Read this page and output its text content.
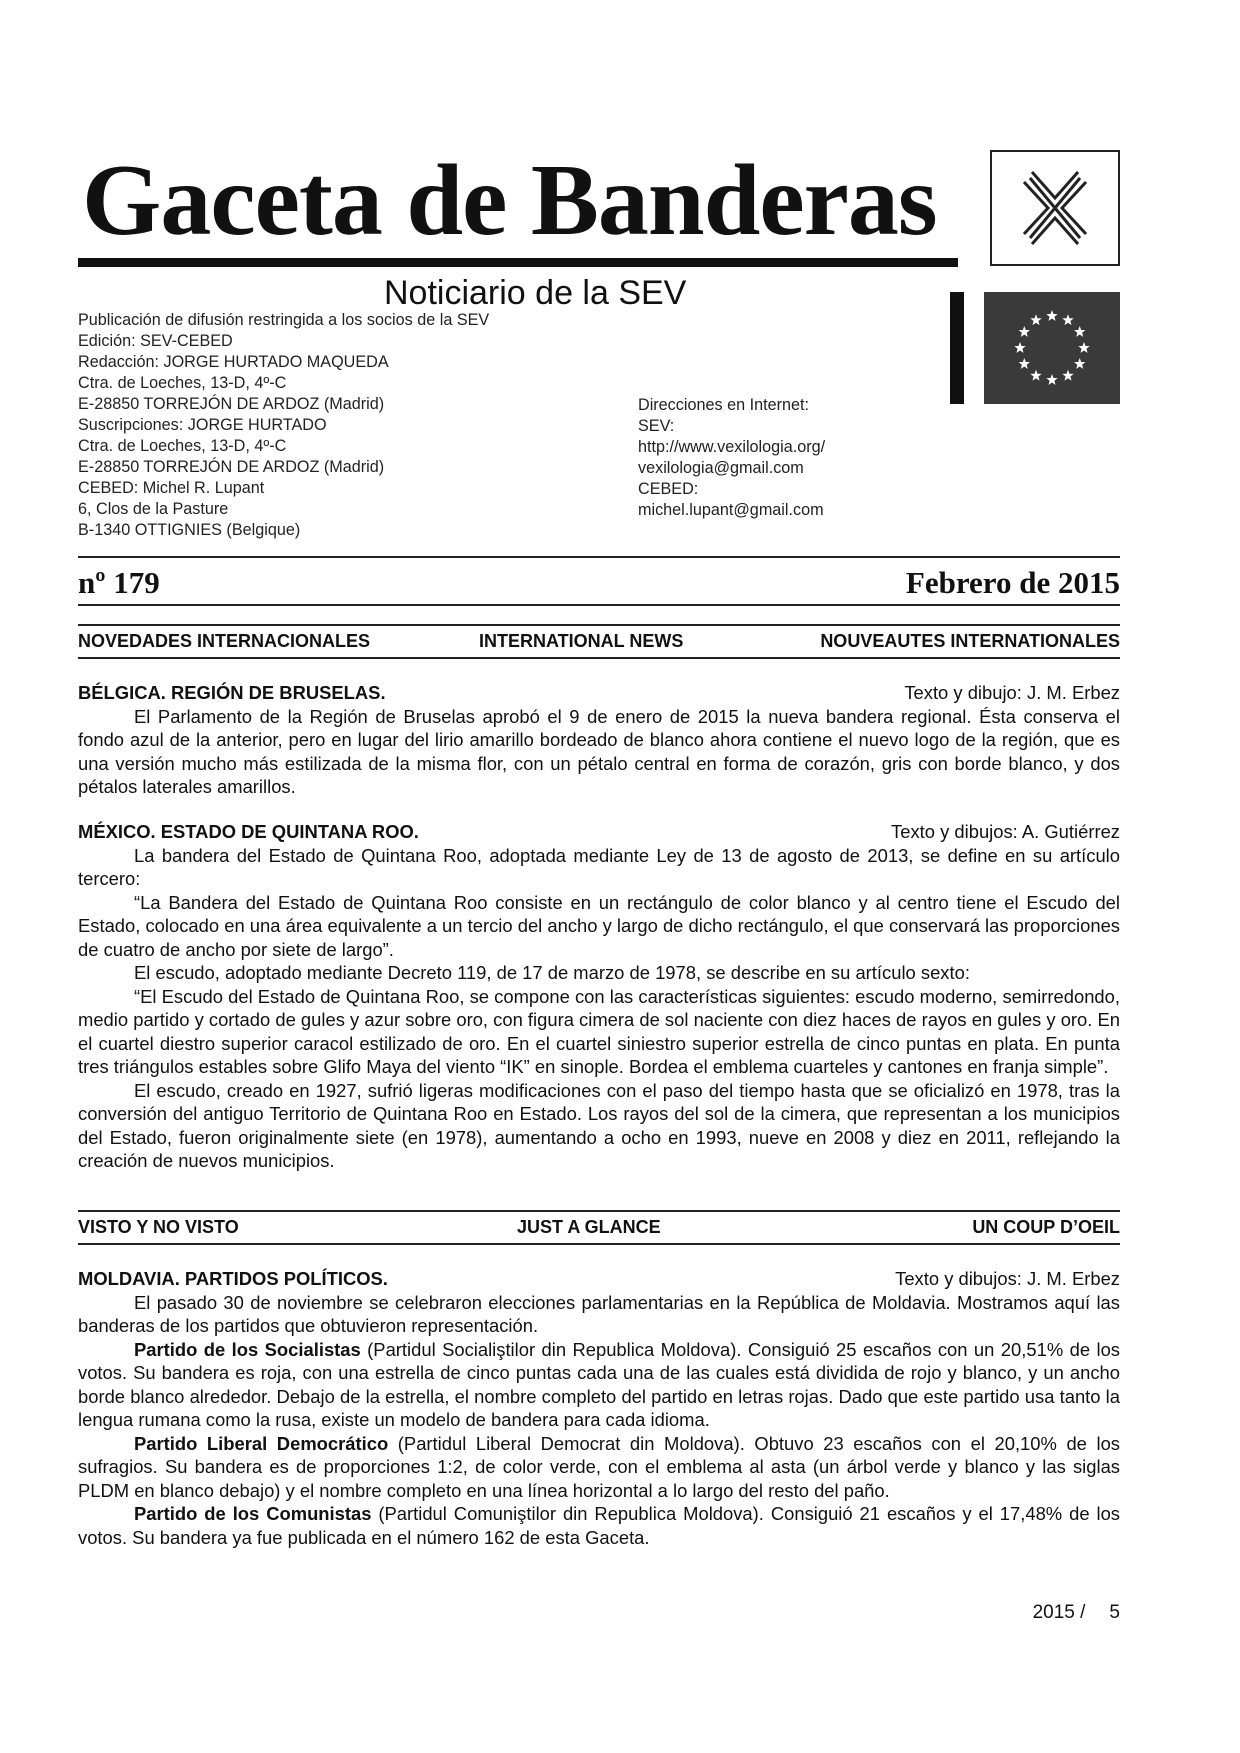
Gaceta de Banderas
Noticiario de la SEV
Publicación de difusión restringida a los socios de la SEV
Edición: SEV-CEBED
Redacción: JORGE HURTADO MAQUEDA
Ctra. de Loeches, 13-D, 4º-C
E-28850 TORREJÓN DE ARDOZ (Madrid)
Suscripciones: JORGE HURTADO
Ctra. de Loeches, 13-D, 4º-C
E-28850 TORREJÓN DE ARDOZ (Madrid)
CEBED: Michel R. Lupant
6, Clos de la Pasture
B-1340 OTTIGNIES (Belgique)
Direcciones en Internet:
SEV:
http://www.vexilologia.org/
vexilologia@gmail.com
CEBED:
michel.lupant@gmail.com
nº 179	Febrero de 2015
NOVEDADES INTERNACIONALES	INTERNATIONAL NEWS	NOUVEAUTES INTERNATIONALES
BÉLGICA. REGIÓN DE BRUSELAS.	Texto y dibujo: J. M. Erbez

El Parlamento de la Región de Bruselas aprobó el 9 de enero de 2015 la nueva bandera regional. Ésta conserva el fondo azul de la anterior, pero en lugar del lirio amarillo bordeado de blanco ahora contiene el nuevo logo de la región, que es una versión mucho más estilizada de la misma flor, con un pétalo central en forma de corazón, gris con borde blanco, y dos pétalos laterales amarillos.

MÉXICO. ESTADO DE QUINTANA ROO.	Texto y dibujos: A. Gutiérrez

La bandera del Estado de Quintana Roo, adoptada mediante Ley de 13 de agosto de 2013, se define en su artículo tercero:

“La Bandera del Estado de Quintana Roo consiste en un rectángulo de color blanco y al centro tiene el Escudo del Estado, colocado en una área equivalente a un tercio del ancho y largo de dicho rectángulo, el que conservará las proporciones de cuatro de ancho por siete de largo”.

El escudo, adoptado mediante Decreto 119, de 17 de marzo de 1978, se describe en su artículo sexto:

“El Escudo del Estado de Quintana Roo, se compone con las características siguientes: escudo moderno, semirredondo, medio partido y cortado de gules y azur sobre oro, con figura cimera de sol naciente con diez haces de rayos en gules y oro. En el cuartel diestro superior caracol estilizado de oro. En el cuartel siniestro superior estrella de cinco puntas en plata. En punta tres triángulos estables sobre Glifo Maya del viento “IK” en sinople. Bordea el emblema cuarteles y cantones en franja simple”.

El escudo, creado en 1927, sufrió ligeras modificaciones con el paso del tiempo hasta que se oficializó en 1978, tras la conversión del antiguo Territorio de Quintana Roo en Estado. Los rayos del sol de la cimera, que representan a los municipios del Estado, fueron originalmente siete (en 1978), aumentando a ocho en 1993, nueve en 2008 y diez en 2011, reflejando la creación de nuevos municipios.

VISTO Y NO VISTO	JUST A GLANCE	UN COUP D’OEIL
MOLDAVIA. PARTIDOS POLÍTICOS.	Texto y dibujos: J. M. Erbez

El pasado 30 de noviembre se celebraron elecciones parlamentarias en la República de Moldavia. Mostramos aquí las banderas de los partidos que obtuvieron representación.

Partido de los Socialistas (Partidul Socialiştilor din Republica Moldova). Consiguió 25 escaños con un 20,51% de los votos. Su bandera es roja, con una estrella de cinco puntas cada una de las cuales está dividida de rojo y blanco, y un ancho borde blanco alrededor. Debajo de la estrella, el nombre completo del partido en letras rojas. Dado que este partido usa tanto la lengua rumana como la rusa, existe un modelo de bandera para cada idioma.

Partido Liberal Democrático (Partidul Liberal Democrat din Moldova). Obtuvo 23 escaños con el 20,10% de los sufragios. Su bandera es de proporciones 1:2, de color verde, con el emblema al asta (un árbol verde y blanco y las siglas PLDM en blanco debajo) y el nombre completo en una línea horizontal a lo largo del resto del paño.

Partido de los Comunistas (Partidul Comuniştilor din Republica Moldova). Consiguió 21 escaños y el 17,48% de los votos. Su bandera ya fue publicada en el número 162 de esta Gaceta.

2015 / 5
